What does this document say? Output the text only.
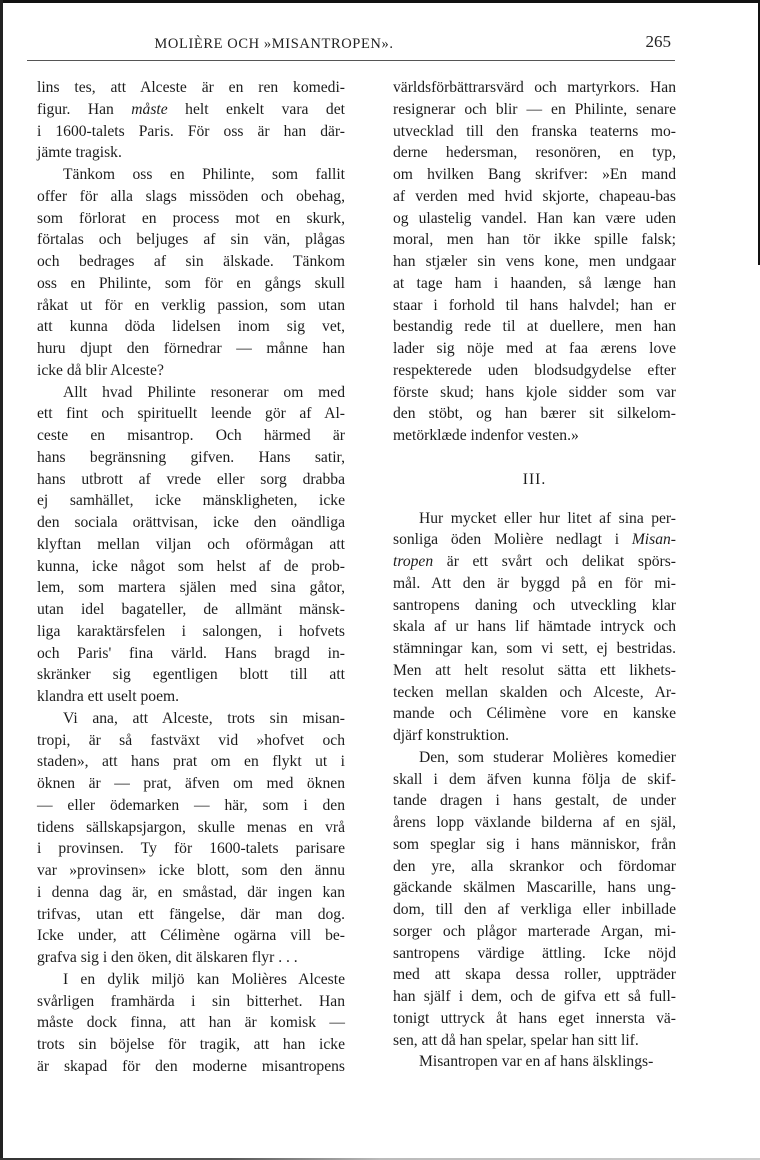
MOLIÈRE OCH »MISANTROPEN».	265
lins tes, att Alceste är en ren komedi-
figur. Han måste helt enkelt vara det
i 1600-talets Paris. För oss är han där-
jämte tragisk.
Tänkom oss en Philinte, som fallit
offer för alla slags missöden och obehag,
som förlorat en process mot en skurk,
förtalas och beljuges af sin vän, plågas
och bedrages af sin älskade. Tänkom
oss en Philinte, som för en gångs skull
råkat ut för en verklig passion, som utan
att kunna döda lidelsen inom sig vet,
huru djupt den förnedrar — månne han
icke då blir Alceste?
Allt hvad Philinte resonerar om med
ett fint och spirituellt leende gör af Al-
ceste en misantrop. Och härmed är
hans begränsning gifven. Hans satir,
hans utbrott af vrede eller sorg drabba
ej samhället, icke mänskligheten, icke
den sociala orättvisan, icke den oändliga
klyftan mellan viljan och oförmågan att
kunna, icke något som helst af de prob-
lem, som martera själen med sina gåtor,
utan idel bagateller, de allmänt mänsk-
liga karaktärsfelen i salongen, i hofvets
och Paris' fina värld. Hans bragd in-
skränker sig egentligen blott till att
klandra ett uselt poem.
Vi ana, att Alceste, trots sin misan-
tropi, är så fastväxt vid »hofvet och
staden», att hans prat om en flykt ut i
öknen är — prat, äfven om med öknen
— eller ödemarken — här, som i den
tidens sällskapsjargon, skulle menas en vrå
i provinsen. Ty för 1600-talets parisare
var »provinsen» icke blott, som den ännu
i denna dag är, en småstad, där ingen kan
trifvas, utan ett fängelse, där man dog.
Icke under, att Célimène ogärna vill be-
grafva sig i den öken, dit älskaren flyr . . .
I en dylik miljö kan Molières Alceste
svårligen framhärda i sin bitterhet. Han
måste dock finna, att han är komisk —
trots sin böjelse för tragik, att han icke
är skapad för den moderne misantropens
världsförbättrarsvärd och martyrkors. Han
resignerar och blir — en Philinte, senare
utvecklad till den franska teaterns mo-
derne hedersman, resonören, en typ,
om hvilken Bang skrifver: »En mand
af verden med hvid skjorte, chapeau-bas
og ulastelig vandel. Han kan være uden
moral, men han tör ikke spille falsk;
han stjæler sin vens kone, men undgaar
at tage ham i haanden, så længe han
staar i forhold til hans halvdel; han er
bestandig rede til at duellere, men han
lader sig nöje med at faa ærens love
respekterede uden blodsudgydelse efter
förste skud; hans kjole sidder som var
den stöbt, og han bærer sit silkelom-
metörklæde indenfor vesten.»
III.
Hur mycket eller hur litet af sina per-
sonliga öden Molière nedlagt i Misan-
tropen är ett svårt och delikat spörs-
mål. Att den är byggd på en för mi-
santropens daning och utveckling klar
skala af ur hans lif hämtade intryck och
stämningar kan, som vi sett, ej bestridas.
Men att helt resolut sätta ett likhets-
tecken mellan skalden och Alceste, Ar-
mande och Célimène vore en kanske
djärf konstruktion.
Den, som studerar Molières komedier
skall i dem äfven kunna följa de skif-
tande dragen i hans gestalt, de under
årens lopp växlande bilderna af en själ,
som speglar sig i hans människor, från
den yre, alla skrankor och fördomar
gäckande skälmen Mascarille, hans ung-
dom, till den af verkliga eller inbillade
sorger och plågor marterade Argan, mi-
santropens värdige ättling. Icke nöjd
med att skapa dessa roller, uppträder
han själf i dem, och de gifva ett så full-
tonigt uttryck åt hans eget innersta vä-
sen, att då han spelar, spelar han sitt lif.
Misantropen var en af hans älsklings-
